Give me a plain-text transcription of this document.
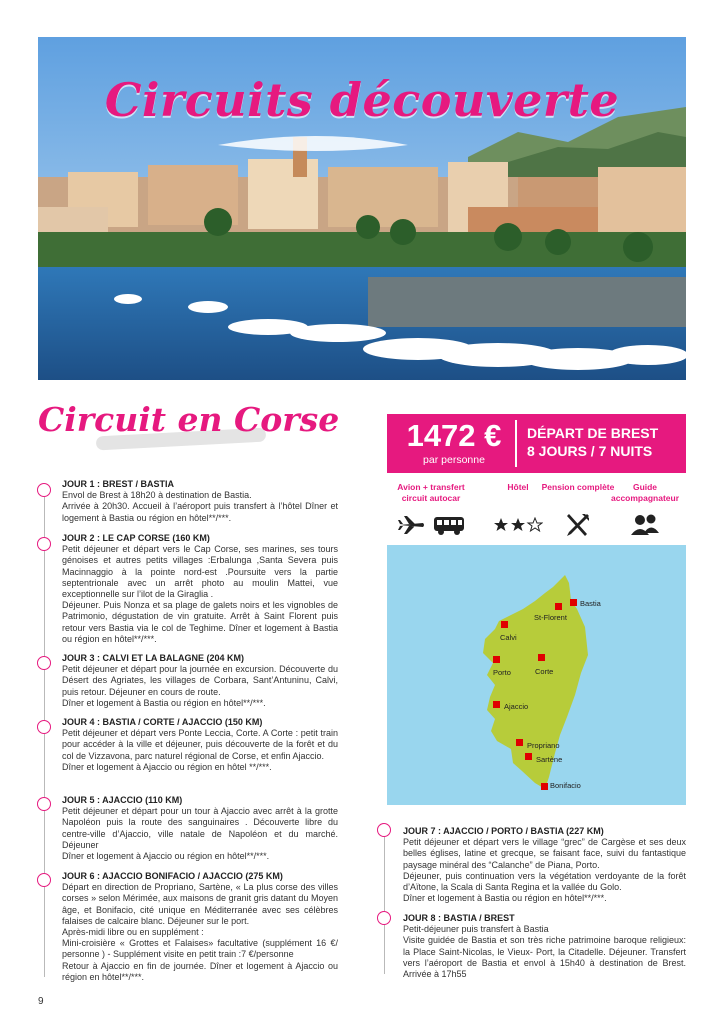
Circuits découverte
Circuit en Corse 1472 €
par personne
DÉPART DE BREST
8 JOURS / 7 NUITS
Avion + transfert circuit autocar
Hôtel	Pension complète	Guide accompagnateur
Bastia
St-Florent
Calvi
Porto	Corte
Ajaccio
Propriano
Sartène
Bonifacio
JOUR 1 : BREST / BASTIA
Envol de Brest à 18h20 à destination de Bastia.
Arrivée à 20h30. Accueil à l’aéroport puis transfert à l’hôtel Dîner et logement à Bastia ou région en hôtel**/***.
JOUR 2 : LE CAP CORSE (160 KM)
Petit déjeuner et départ vers le Cap Corse, ses marines, ses tours génoises et autres petits villages :Erbalunga ,Santa Severa puis Macinnaggio à la pointe nord-est .Poursuite vers la partie septentrionale avec un arrêt photo au moulin Mattei, vue exceptionnelle sur l’ilot de la Giraglia .
Déjeuner. Puis Nonza et sa plage de galets noirs et les vignobles de Patrimonio, dégustation de vin gratuite. Arrêt à Saint Florent puis retour vers Bastia via le col de Teghime. Dîner et logement à Bastia ou région en hôtel**/***.
JOUR 3 : CALVI ET LA BALAGNE (204 KM)
Petit déjeuner et départ pour la journée en excursion. Découverte du Désert des Agriates, les villages de Corbara, Sant’Antuninu, Calvi, puis retour. Déjeuner en cours de route.
Dîner et logement à Bastia ou région en hôtel**/***.
JOUR 4 : BASTIA / CORTE / AJACCIO (150 KM)
Petit déjeuner et départ vers Ponte Leccia, Corte. A Corte : petit train pour accéder à la ville et déjeuner, puis découverte de la forêt et du col de Vizzavona, parc naturel régional de Corse, et enfin Ajaccio.
Dîner et logement à Ajaccio ou région en hôtel **/***.
JOUR 5 : AJACCIO (110 KM)
Petit déjeuner et départ pour un tour à Ajaccio avec arrêt à la grotte Napoléon puis la route des sanguinaires . Découverte libre du centre-ville d’Ajaccio, ville natale de Napoléon et du marché. Déjeuner
Dîner et logement à Ajaccio ou région en hôtel**/***.
JOUR 6 : AJACCIO BONIFACIO / AJACCIO (275 KM)
Départ en direction de Propriano, Sartène, « La plus corse des villes corses » selon Mérimée, aux maisons de granit gris datant du Moyen âge, et Bonifacio, cité unique en Méditerranée avec ses célèbres falaises de calcaire blanc. Déjeuner sur le port.
Après-midi libre ou en supplément :
Mini-croisière « Grottes et Falaises» facultative (supplément 16 €/ personne ) - Supplément visite en petit train :7 €/personne
Retour à Ajaccio en fin de journée. Dîner et logement à Ajaccio ou région en hôtel**/***.
JOUR 7 : AJACCIO / PORTO / BASTIA (227 KM)
Petit déjeuner et départ vers le village “grec” de Cargèse et ses deux belles églises, latine et grecque, se faisant face, suivi du fantastique paysage minéral des “Calanche” de Piana, Porto.
Déjeuner, puis continuation vers la végétation verdoyante de la forêt d’Aïtone, la Scala di Santa Regina et la vallée du Golo.
Dîner et logement à Bastia ou région en hôtel**/***.
JOUR 8 : BASTIA / BREST
Petit-déjeuner puis transfert à Bastia
Visite guidée de Bastia et son très riche patrimoine baroque religieux: la Place Saint-Nicolas, le Vieux- Port, la Citadelle. Déjeuner. Transfert vers l’aéroport de Bastia et envol à 15h40 à destination de Brest. Arrivée à 17h55
9
